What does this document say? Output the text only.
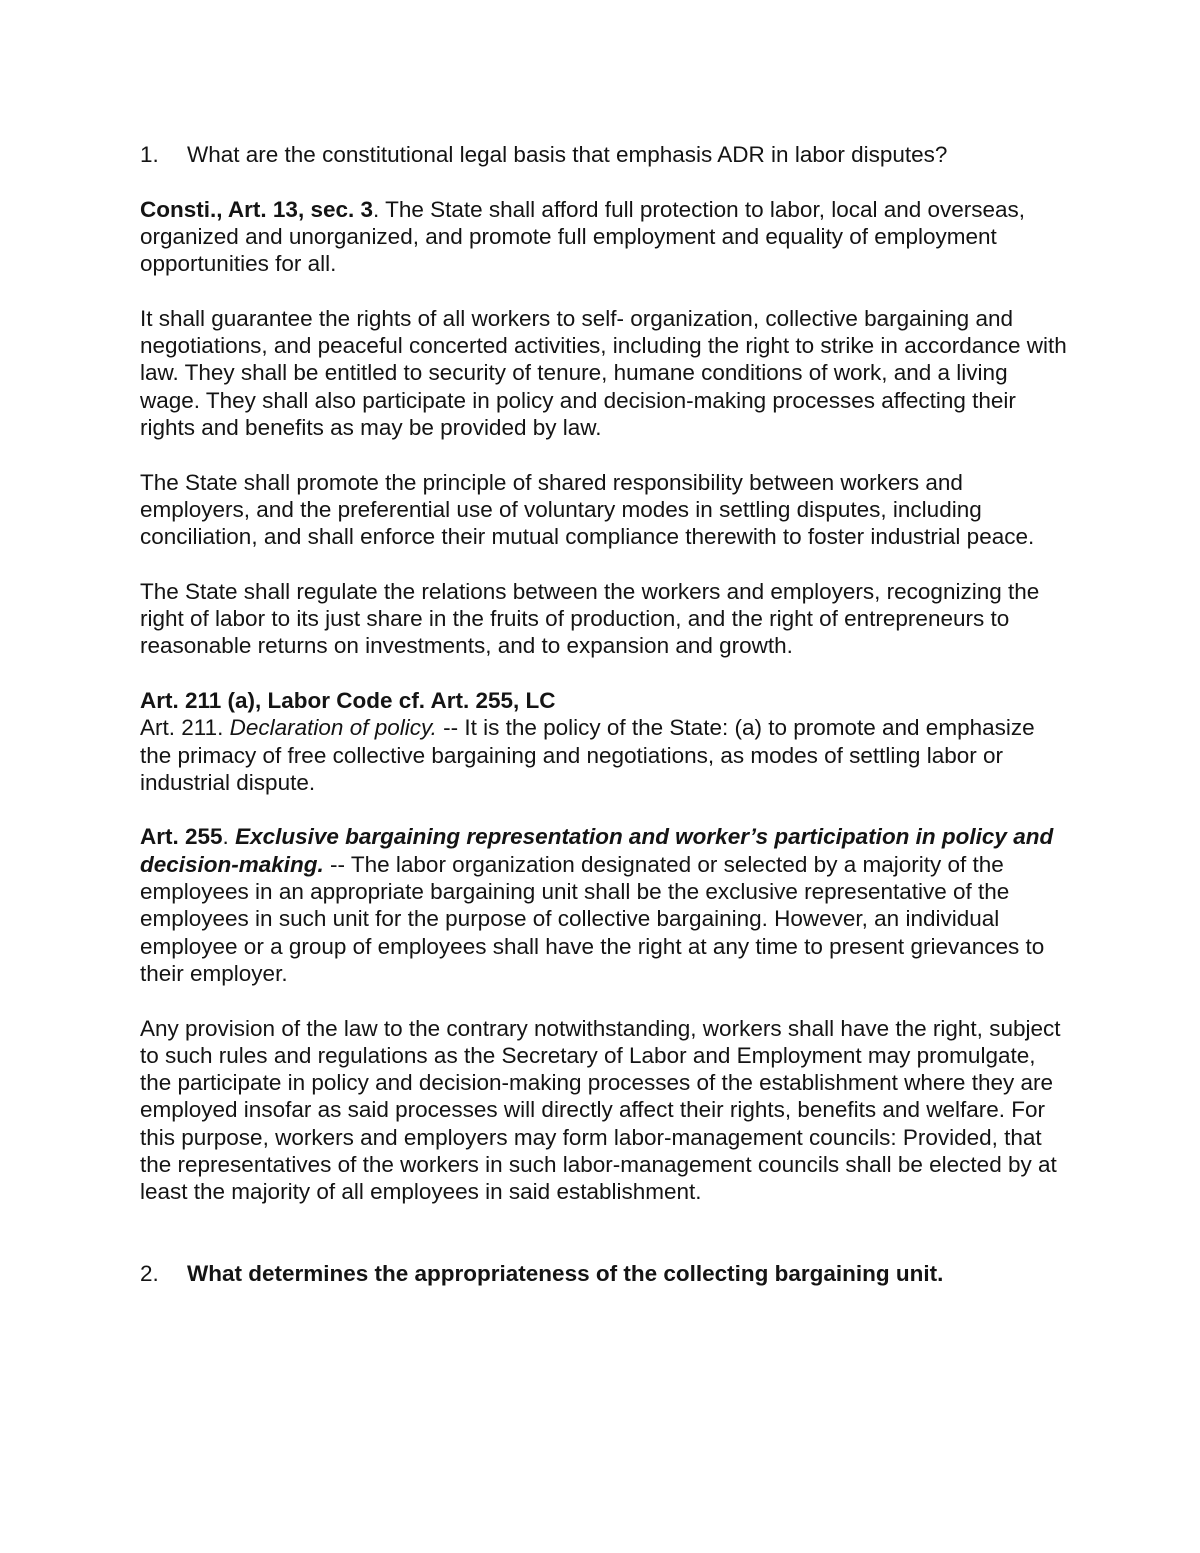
1.	What are the constitutional legal basis that emphasis ADR in labor disputes?

Consti., Art. 13, sec. 3. The State shall afford full protection to labor, local and overseas, organized and unorganized, and promote full employment and equality of employment opportunities for all.

It shall guarantee the rights of all workers to self- organization, collective bargaining and negotiations, and peaceful concerted activities, including the right to strike in accordance with law. They shall be entitled to security of tenure, humane conditions of work, and a living wage. They shall also participate in policy and decision-making processes affecting their rights and benefits as may be provided by law.

The State shall promote the principle of shared responsibility between workers and employers, and the preferential use of voluntary modes in settling disputes, including conciliation, and shall enforce their mutual compliance therewith to foster industrial peace.

The State shall regulate the relations between the workers and employers, recognizing the right of labor to its just share in the fruits of production, and the right of entrepreneurs to reasonable returns on investments, and to expansion and growth.

Art. 211 (a), Labor Code cf. Art. 255, LC
Art. 211. Declaration of policy. -- It is the policy of the State: (a) to promote and emphasize the primacy of free collective bargaining and negotiations, as modes of settling labor or industrial dispute.

Art. 255. Exclusive bargaining representation and worker’s participation in policy and decision-making. -- The labor organization designated or selected by a majority of the employees in an appropriate bargaining unit shall be the exclusive representative of the employees in such unit for the purpose of collective bargaining. However, an individual employee or a group of employees shall have the right at any time to present grievances to their employer.

Any provision of the law to the contrary notwithstanding, workers shall have the right, subject to such rules and regulations as the Secretary of Labor and Employment may promulgate, the participate in policy and decision-making processes of the establishment where they are employed insofar as said processes will directly affect their rights, benefits and welfare. For this purpose, workers and employers may form labor-management councils: Provided, that the representatives of the workers in such labor-management councils shall be elected by at least the majority of all employees in said establishment.

2.	What determines the appropriateness of the collecting bargaining unit.
